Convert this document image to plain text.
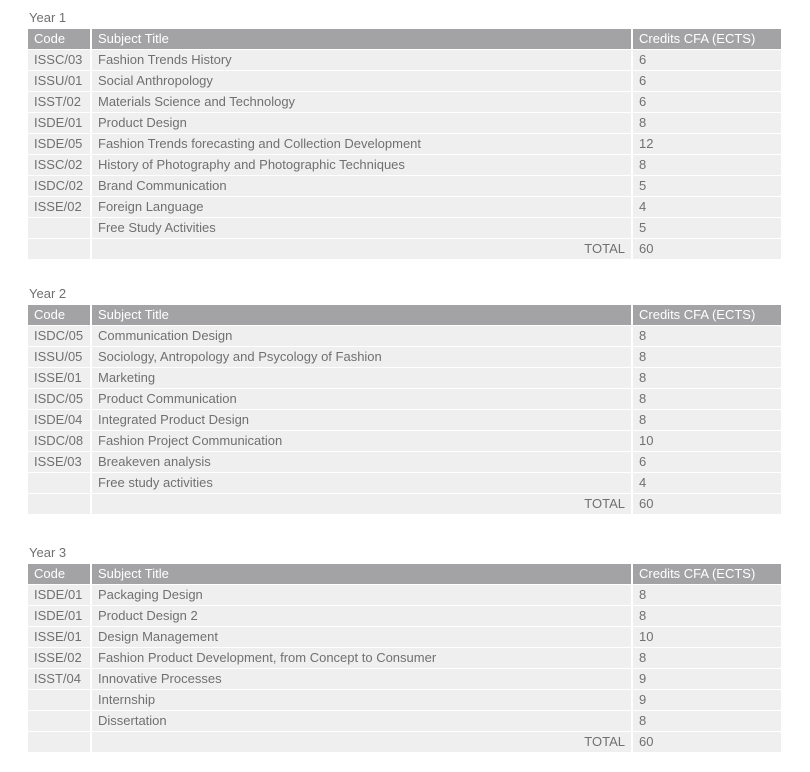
Year 1
Code	Subject Title	Credits CFA (ECTS)
ISSC/03	Fashion Trends History	6
ISSU/01	Social Anthropology	6
ISST/02	Materials Science and Technology	6
ISDE/01	Product Design	8
ISDE/05	Fashion Trends forecasting and Collection Development	12
ISSC/02	History of Photography and Photographic Techniques	8
ISDC/02	Brand Communication	5
ISSE/02	Foreign Language	4
	Free Study Activities	5
	TOTAL	60
Year 2
Code	Subject Title	Credits CFA (ECTS)
ISDC/05	Communication Design	8
ISSU/05	Sociology, Antropology and Psycology of Fashion	8
ISSE/01	Marketing	8
ISDC/05	Product Communication	8
ISDE/04	Integrated Product Design	8
ISDC/08	Fashion Project Communication	10
ISSE/03	Breakeven analysis	6
	Free study activities	4
	TOTAL	60
Year 3
Code	Subject Title	Credits CFA (ECTS)
ISDE/01	Packaging Design	8
ISDE/01	Product Design 2	8
ISSE/01	Design Management	10
ISSE/02	Fashion Product Development, from Concept to Consumer	8
ISST/04	Innovative Processes	9
	Internship	9
	Dissertation	8
	TOTAL	60
